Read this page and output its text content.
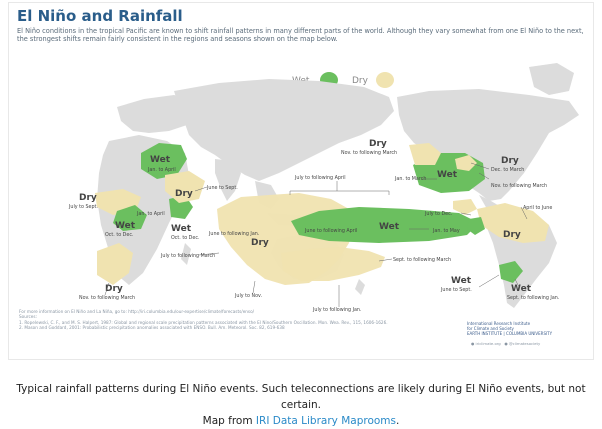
El Niño and Rainfall

El Niño conditions in the tropical Pacific are known to shift rainfall patterns in many different parts of the world. Although they vary somewhat from one El Niño to the next, the strongest shifts remain fairly consistent in the regions and seasons shown on the map below.

Dry
Wet
Jan. to April
Dry
July to Sept.
Dry
June to Sept.
Wet
Oct. to Dec.
Dry
Nov. to following March
Dry
June to following Jan.
Wet
Oct. to Dec.
Wet
June to following April
Dry
Nov. to following March
Wet
Jan. to March
Dry
Dec. to March
Nov. to following March
Dry
April to June
Wet
June to Sept.	Wet
Sept. to following Jan.
Jan. to April
July to Nov.
July to following March
July to following April
Sept. to following March
July to following Jan.
July to Dec.
Jan. to May
For more information on El Niño and La Niña, go to: http://iri.columbia.edu/our-expertise/climate/forecasts/enso/
Sources:
1. Ropelewski, C. F., and M. S. Halpert, 1987: Global and regional scale precipitation patterns associated with the El Nino/Southern Oscillation. Mon. Wea. Rev., 115, 1606-1626.
2. Mason and Goddard, 2001: Probabilistic precipitation anomalies associated with ENSO. Bull. Am. Meteorol. Soc. 82, 619-638
International Research Institute
for Climate and Society
EARTH INSTITUTE | COLUMBIA UNIVERSITY
● iriclimate.org ● @climatesociety
Typical rainfall patterns during El Niño events. Such teleconnections are likely during El Niño events, but not certain.
Map from IRI Data Library Maprooms.
